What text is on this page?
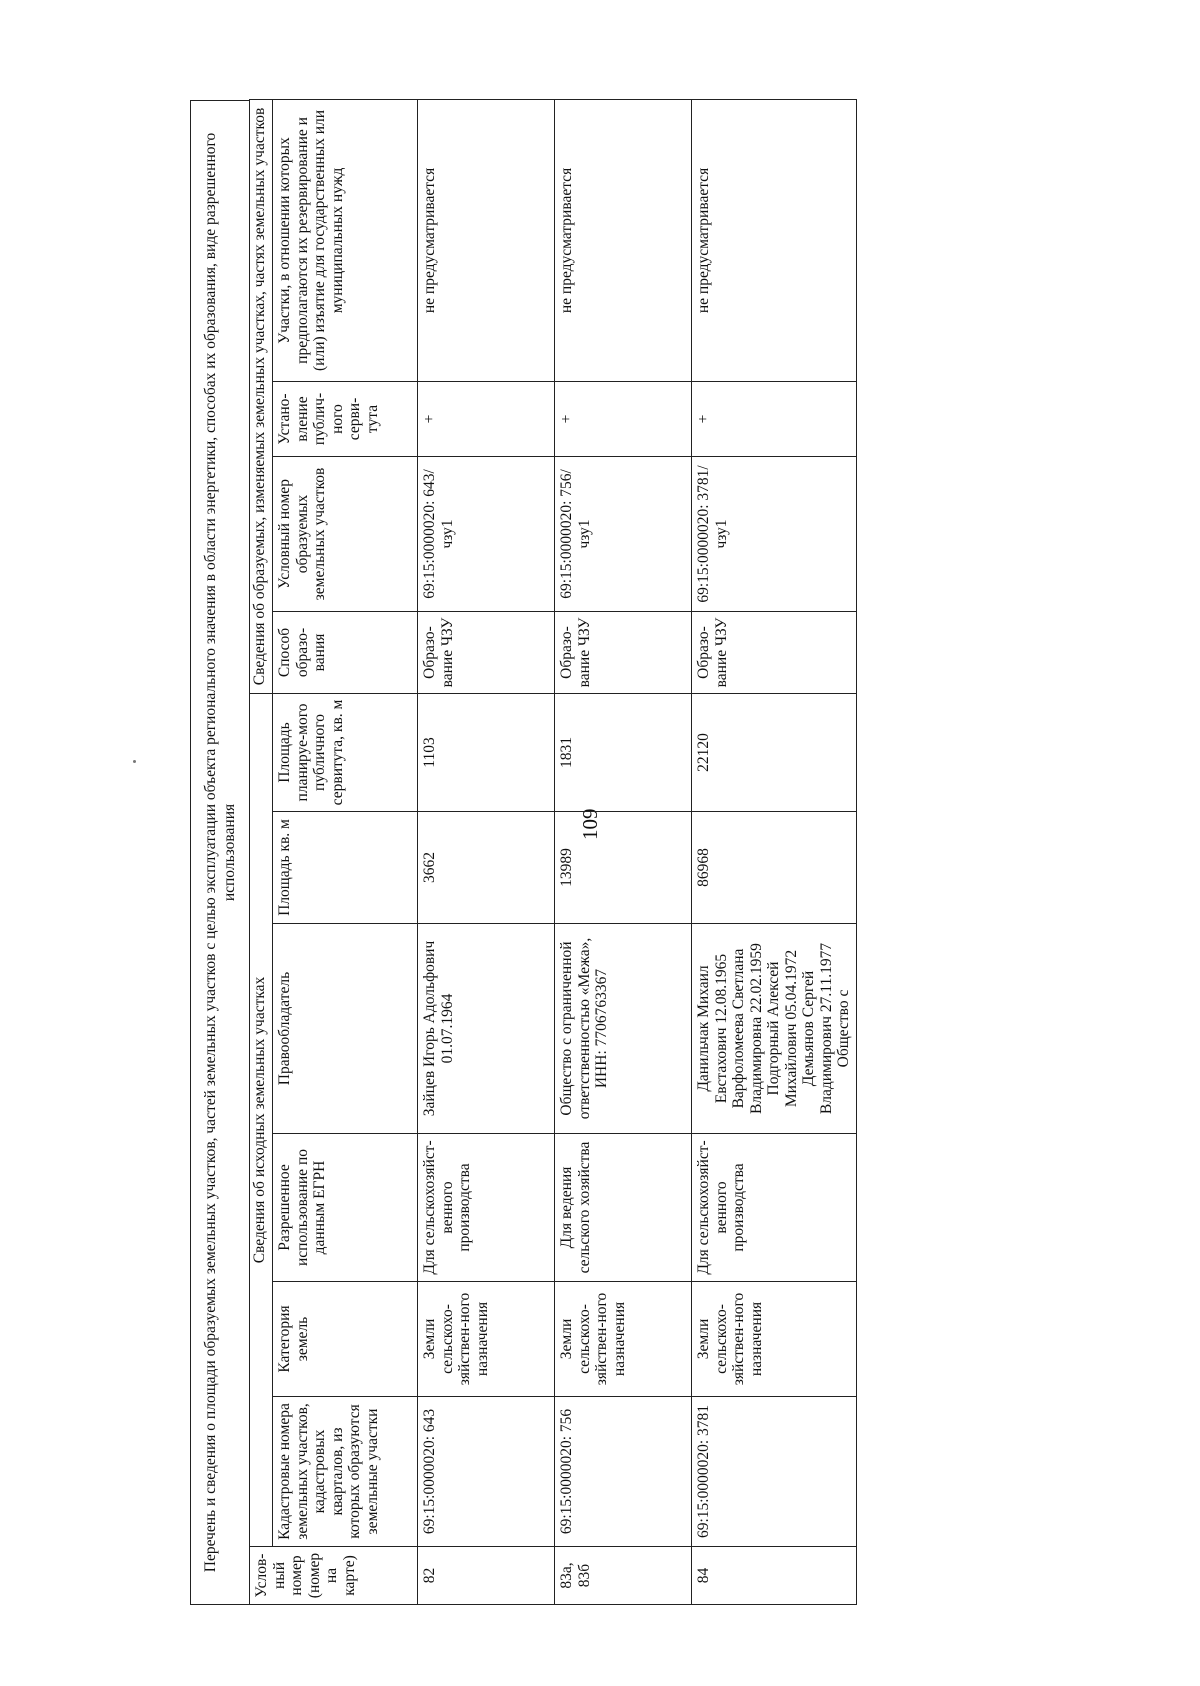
109
Перечень и сведения о площади образуемых земельных участков, частей земельных участков с целью эксплуатации объекта регионального значения в области энергетики, способах их образования, виде разрешенного использования
Услов-ный номер (номер на карте)	Сведения об исходных земельных участках						Сведения об образуемых, изменяемых земельных участках, частях земельных участков			
	Кадастровые номера земельных участков, кадастровых кварталов, из которых образуются земельные участки	Категория земель	Разрешенное использование по данным ЕГРН	Правообладатель	Площадь кв. м	Площадь планируе-мого публичного сервитута, кв. м	Способ образо-вания	Условный номер образуемых земельных участков	Устано-вление публич-ного серви-тута	Участки, в отношении которых предполагаются их резервирование и (или) изъятие для государственных или муниципальных нужд
82	69:15:0000020: 643	Земли сельскохо-зяйствен-ного назначения	Для сельскохозяйст-венного производства	Зайцев Игорь Адольфович 01.07.1964	3662	1103	Образо-вание ЧЗУ	69:15:0000020: 643/чзу1	+	не предусматривается
83а, 83б	69:15:0000020: 756	Земли сельскохо-зяйствен-ного назначения	Для ведения сельского хозяйства	Общество с ограниченной ответственностью «Межа», ИНН: 7706763367	13989	1831	Образо-вание ЧЗУ	69:15:0000020: 756/чзу1	+	не предусматривается
84	69:15:0000020: 3781	Земли сельскохо-зяйствен-ного назначения	Для сельскохозяйст-венного производства	Данильчак Михаил Евстахович 12.08.1965 Варфоломеева Светлана Владимировна 22.02.1959 Подгорный Алексей Михайлович 05.04.1972 Демьянов Сергей Владимирович 27.11.1977 Общество с	86968	22120	Образо-вание ЧЗУ	69:15:0000020: 3781/чзу1	+	не предусматривается
